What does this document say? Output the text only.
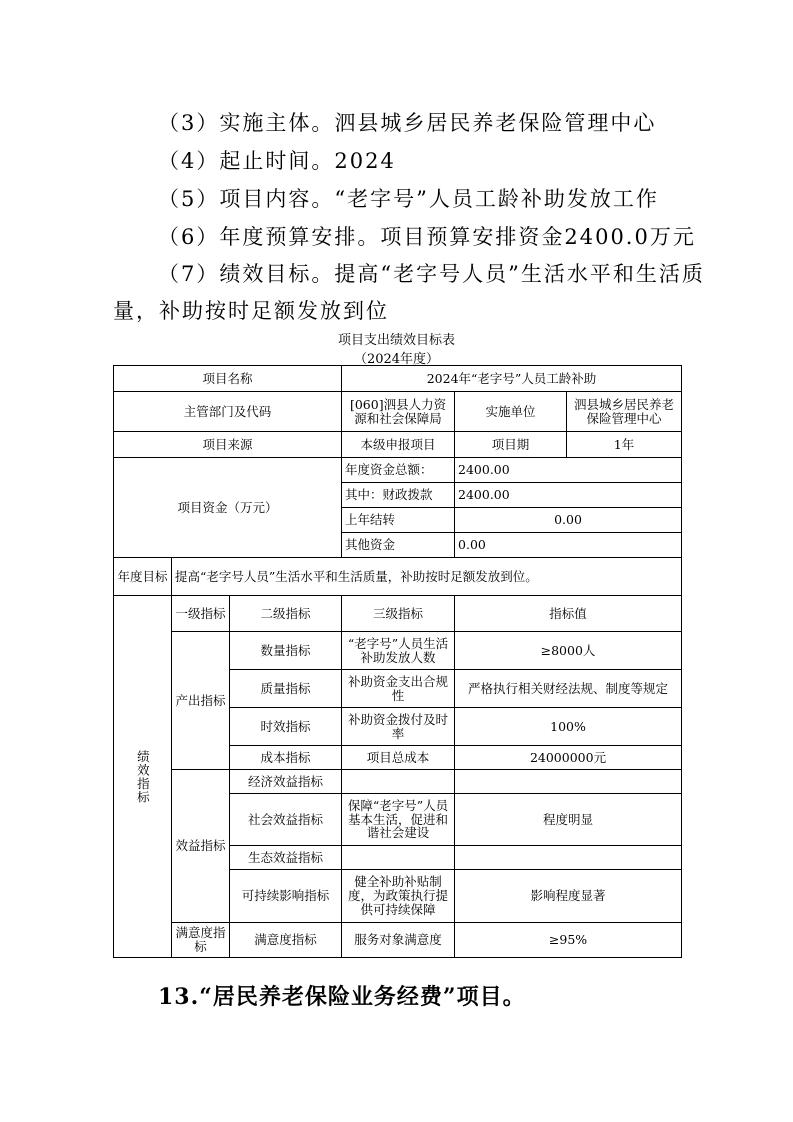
（3）实施主体。泗县城乡居民养老保险管理中心
（4）起止时间。2024
（5）项目内容。“老字号”人员工龄补助发放工作
（6）年度预算安排。项目预算安排资金2400.0万元
（7）绩效目标。提高“老字号人员”生活水平和生活质
量，补助按时足额发放到位
项目支出绩效目标表
（2024年度）
项目名称			2024年“老字号”人员工龄补助		
主管部门及代码			[060]泗县人力资源和社会保障局	实施单位	泗县城乡居民养老保险管理中心
项目来源			本级申报项目	项目期	1年
项目资金（万元）			年度资金总额：	2400.00	
			其中：财政拨款	2400.00	
			上年结转	0.00	
			其他资金	0.00	
年度目标	提高“老字号人员”生活水平和生活质量，补助按时足额发放到位。				
绩效指标	一级指标	二级指标	三级指标	指标值	
	产出指标	数量指标	“老字号”人员生活补助发放人数	≥8000人	
		质量指标	补助资金支出合规性	严格执行相关财经法规、制度等规定	
		时效指标	补助资金拨付及时率	100%	
		成本指标	项目总成本	24000000元	
	效益指标	经济效益指标			
		社会效益指标	保障“老字号”人员基本生活，促进和谐社会建设	程度明显	
		生态效益指标			
		可持续影响指标	健全补助补贴制度，为政策执行提供可持续保障	影响程度显著	
	满意度指标	满意度指标	服务对象满意度	≥95%	
13.“居民养老保险业务经费”项目。
